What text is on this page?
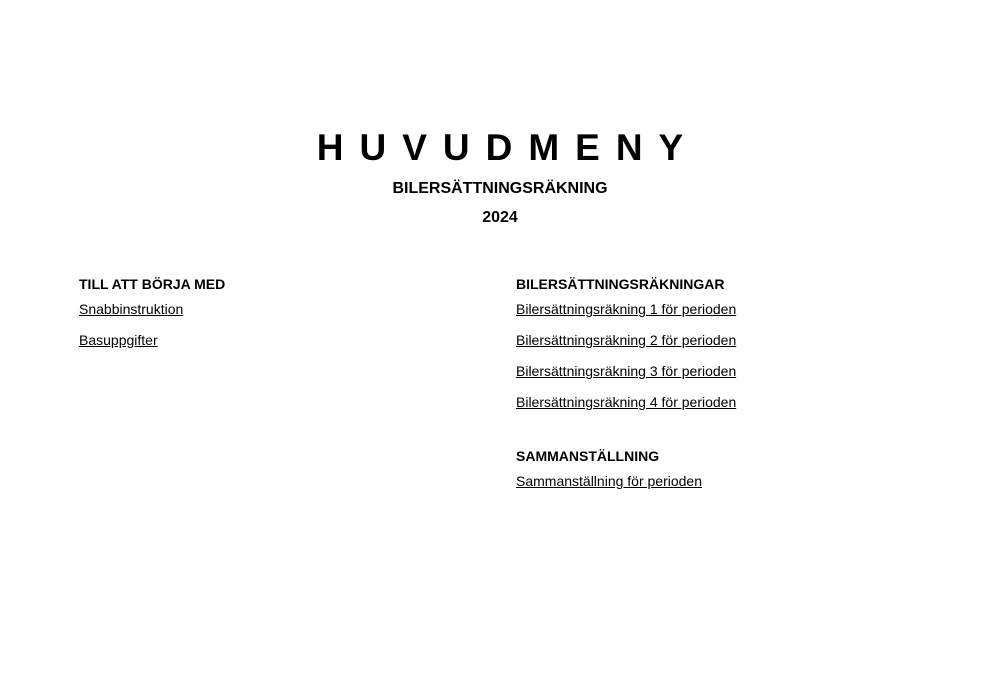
HUVUDMENY
BILERSÄTTNINGSRÄKNING
2024
TILL ATT BÖRJA MED
Snabbinstruktion
Basuppgifter
BILERSÄTTNINGSRÄKNINGAR
Bilersättningsräkning 1 för perioden
Bilersättningsräkning 2 för perioden
Bilersättningsräkning 3 för perioden
Bilersättningsräkning 4 för perioden
SAMMANSTÄLLNING
Sammanställning för perioden
